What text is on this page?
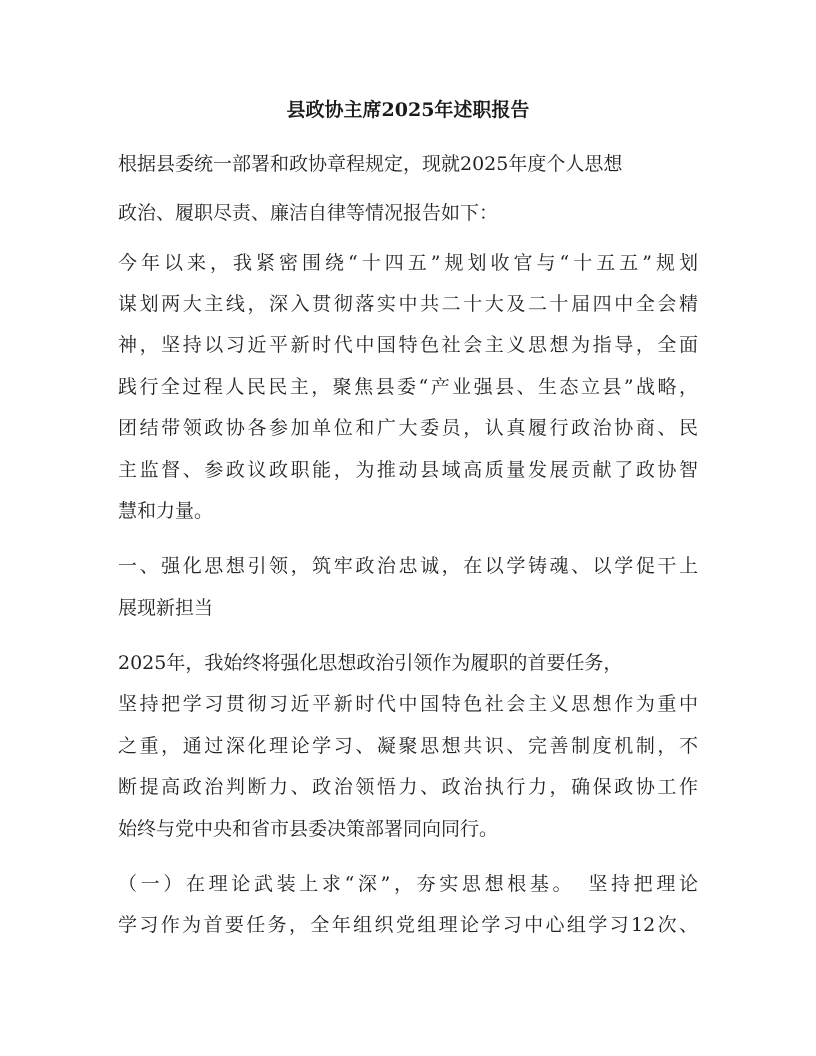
县政协主席2025年述职报告
根据县委统一部署和政协章程规定，现就2025年度个人思想
政治、履职尽责、廉洁自律等情况报告如下：
今年以来，我紧密围绕“十四五”规划收官与“十五五”规划
谋划两大主线，深入贯彻落实中共二十大及二十届四中全会精
神，坚持以习近平新时代中国特色社会主义思想为指导，全面
践行全过程人民民主，聚焦县委“产业强县、生态立县”战略，
团结带领政协各参加单位和广大委员，认真履行政治协商、民
主监督、参政议政职能，为推动县域高质量发展贡献了政协智
慧和力量。
一、强化思想引领，筑牢政治忠诚，在以学铸魂、以学促干上
展现新担当
2025年，我始终将强化思想政治引领作为履职的首要任务，
坚持把学习贯彻习近平新时代中国特色社会主义思想作为重中
之重，通过深化理论学习、凝聚思想共识、完善制度机制，不
断提高政治判断力、政治领悟力、政治执行力，确保政协工作
始终与党中央和省市县委决策部署同向同行。
（一）在理论武装上求“深”，夯实思想根基。　坚持把理论
学习作为首要任务，全年组织党组理论学习中心组学习12次、
